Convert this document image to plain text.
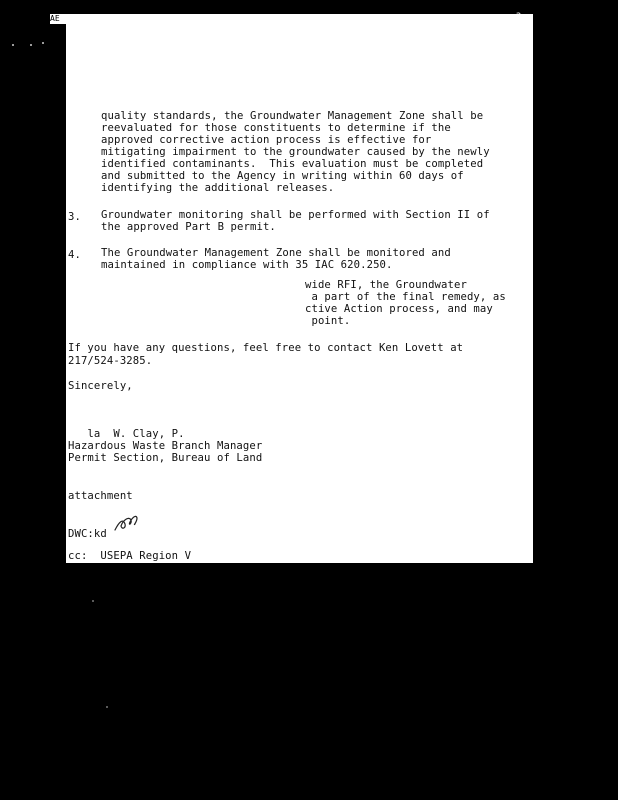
AE
quality standards, the Groundwater Management Zone shall be
reevaluated for those constituents to determine if the
approved corrective action process is effective for
mitigating impairment to the groundwater caused by the newly
identified contaminants.  This evaluation must be completed
and submitted to the Agency in writing within 60 days of
identifying the additional releases.
3. Groundwater monitoring shall be performed with Section II of
the approved Part B permit.
4. The Groundwater Management Zone shall be monitored and
maintained in compliance with 35 IAC 620.250.
wide RFI, the Groundwater
a part of the final remedy, as
ctive Action process, and may
point.
If you have any questions, feel free to contact Ken Lovett at
217/524-3285.
Sincerely,
la  W. Clay, P.
Hazardous Waste Branch Manager
Permit Section, Bureau of Land
attachment
DWC:kd
cc:  USEPA Region V
